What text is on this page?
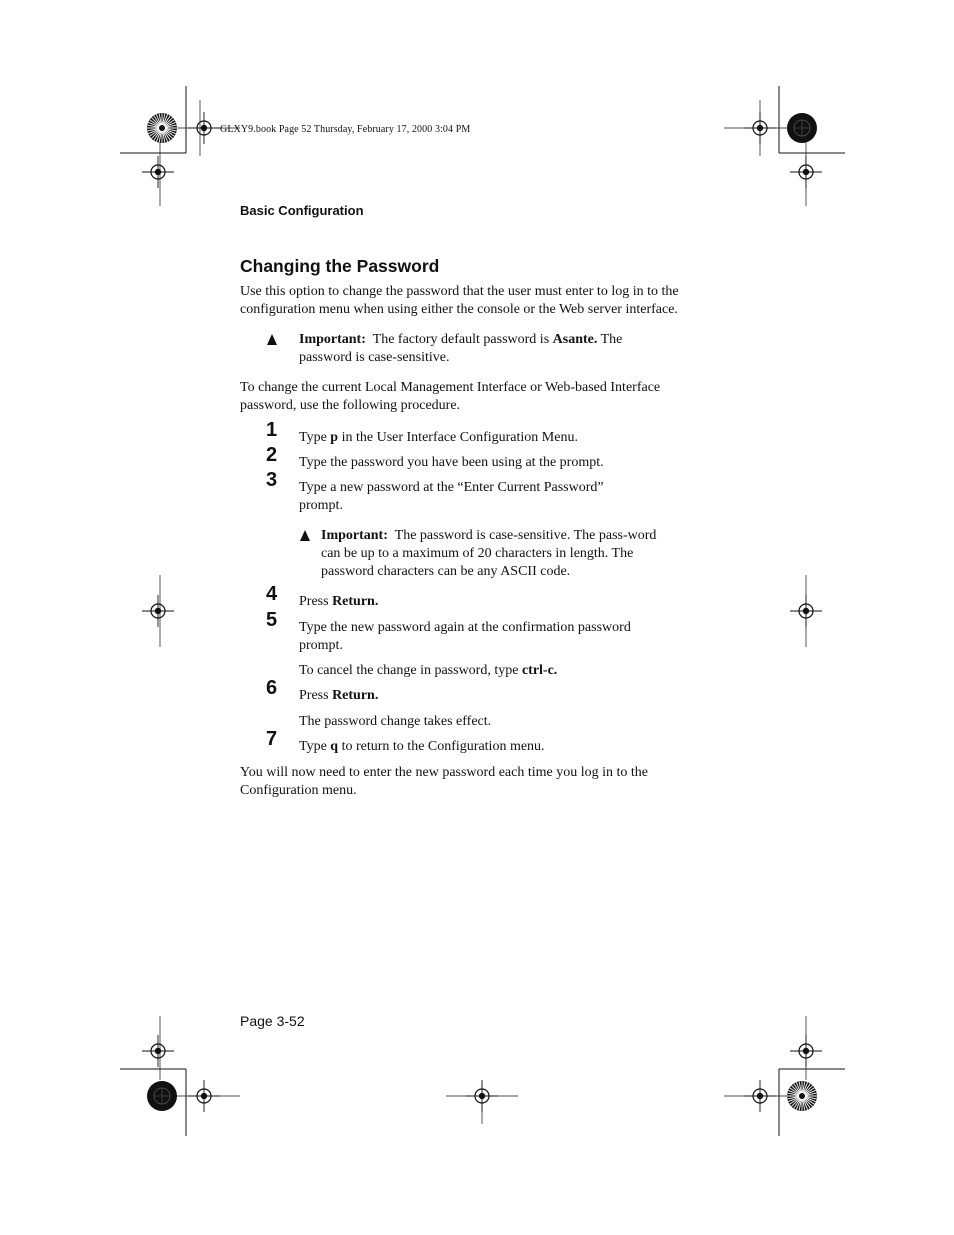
GLXY9.book Page 52 Thursday, February 17, 2000 3:04 PM
Basic Configuration
Changing the Password
Use this option to change the password that the user must enter to log in to the configuration menu when using either the console or the Web server interface.
Important: The factory default password is Asante. The password is case-sensitive.
To change the current Local Management Interface or Web-based Interface password, use the following procedure.
1 Type p in the User Interface Configuration Menu.
2 Type the password you have been using at the prompt.
3 Type a new password at the “Enter Current Password” prompt.
Important: The password is case-sensitive. The pass-word can be up to a maximum of 20 characters in length. The password characters can be any ASCII code.
4 Press Return.
5 Type the new password again at the confirmation password prompt.
To cancel the change in password, type ctrl-c.
6 Press Return.
The password change takes effect.
7 Type q to return to the Configuration menu.
You will now need to enter the new password each time you log in to the Configuration menu.
Page 3-52
